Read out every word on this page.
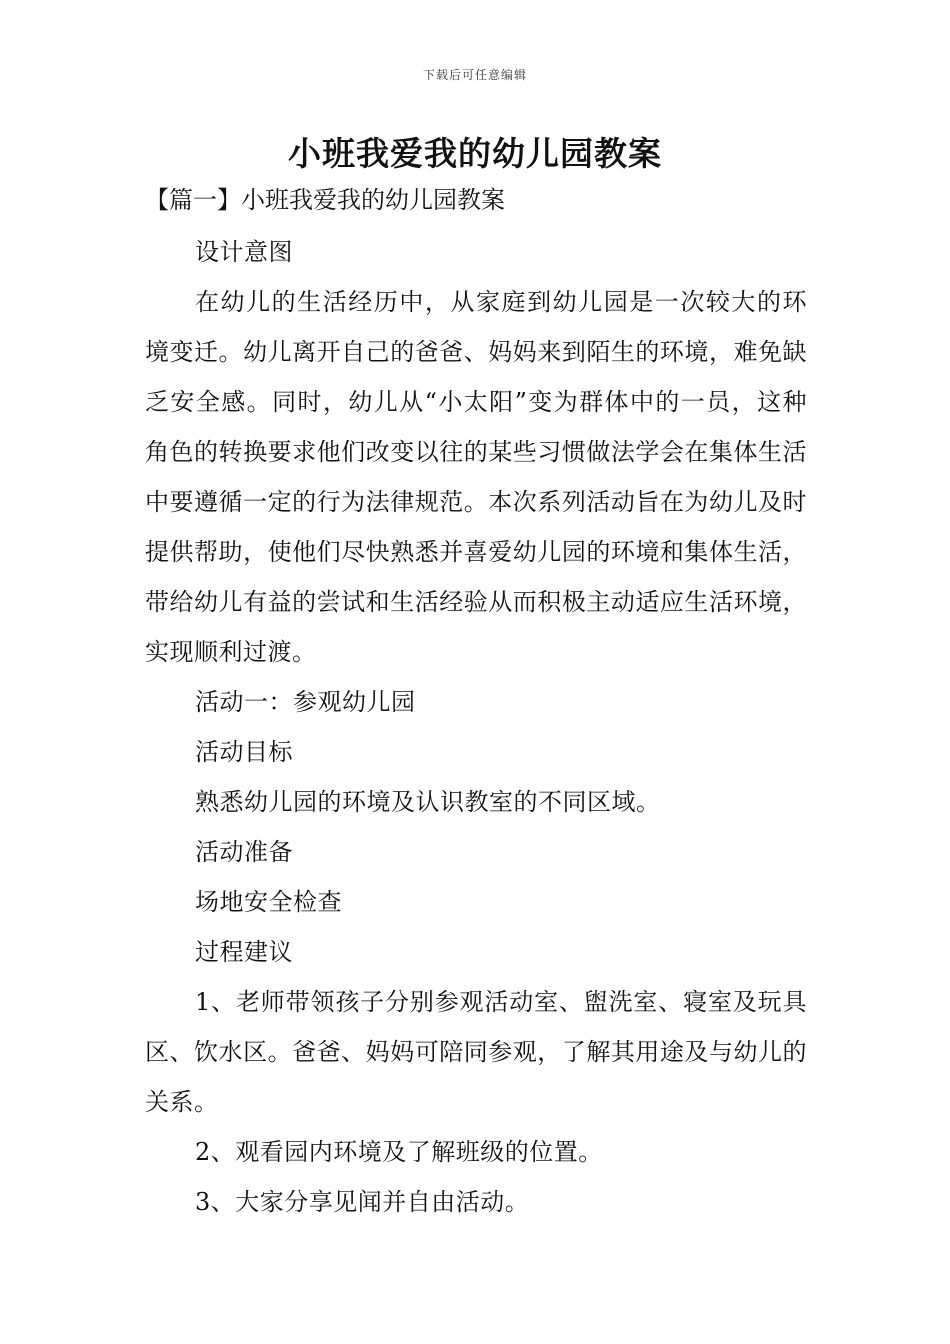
下载后可任意编辑
小班我爱我的幼儿园教案
【篇一】小班我爱我的幼儿园教案

设计意图

在幼儿的生活经历中，从家庭到幼儿园是一次较大的环境变迁。幼儿离开自己的爸爸、妈妈来到陌生的环境，难免缺乏安全感。同时，幼儿从“小太阳”变为群体中的一员，这种角色的转换要求他们改变以往的某些习惯做法学会在集体生活中要遵循一定的行为法律规范。本次系列活动旨在为幼儿及时提供帮助，使他们尽快熟悉并喜爱幼儿园的环境和集体生活，带给幼儿有益的尝试和生活经验从而积极主动适应生活环境，实现顺利过渡。

活动一：参观幼儿园

活动目标

熟悉幼儿园的环境及认识教室的不同区域。

活动准备

场地安全检查

过程建议

1、老师带领孩子分别参观活动室、盥洗室、寝室及玩具区、饮水区。爸爸、妈妈可陪同参观，了解其用途及与幼儿的关系。

2、观看园内环境及了解班级的位置。

3、大家分享见闻并自由活动。
